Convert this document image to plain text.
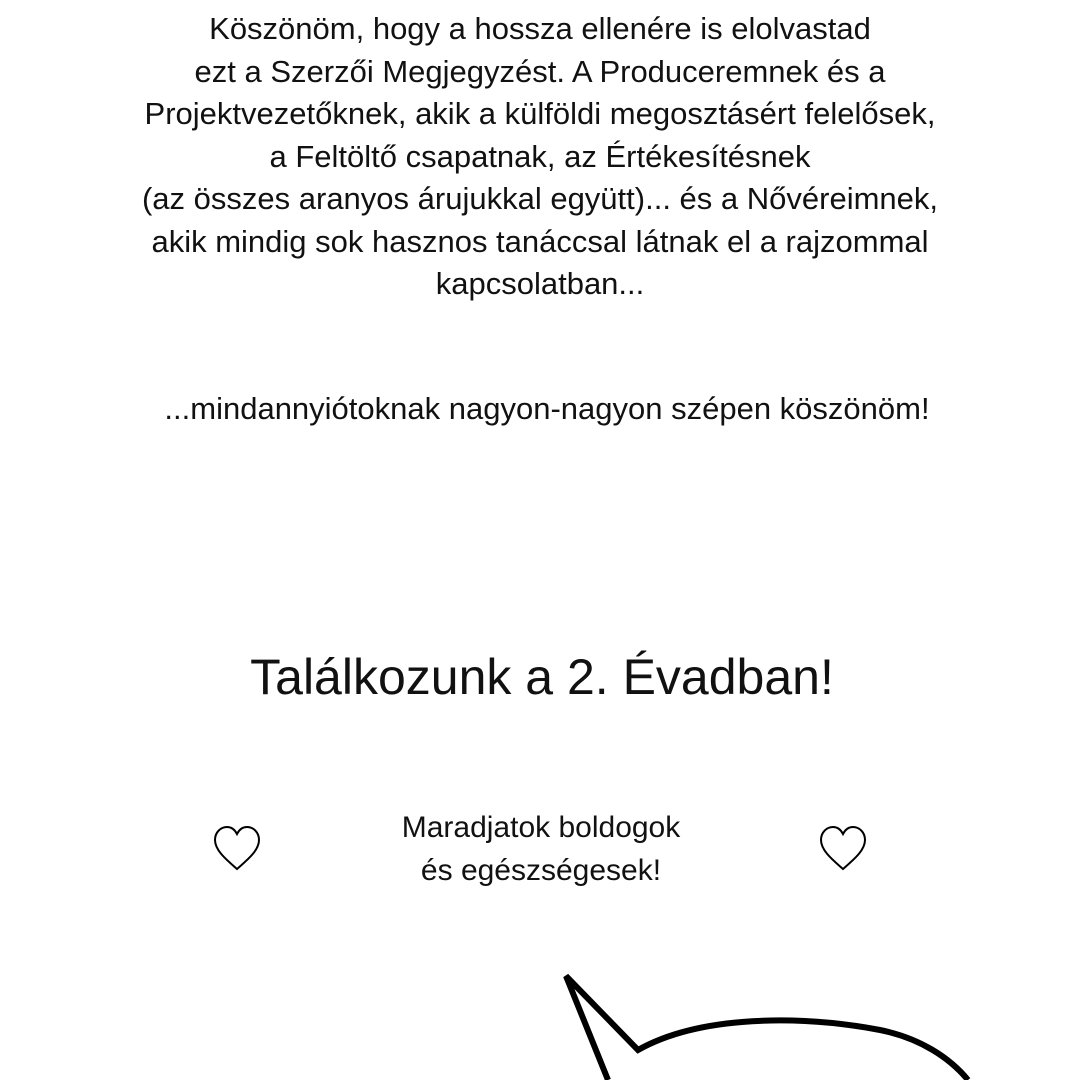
Köszönöm, hogy a hossza ellenére is elolvastad
ezt a Szerzői Megjegyzést. A Produceremnek és a
Projektvezetőknek, akik a külföldi megosztásért felelősek,
a Feltöltő csapatnak, az Értékesítésnek
(az összes aranyos árujukkal együtt)... és a Nővéreimnek,
akik mindig sok hasznos tanáccsal látnak el a rajzommal
kapcsolatban...
...mindannyiótoknak nagyon-nagyon szépen köszönöm!
Találkozunk a 2. Évadban!
Maradjatok boldogok
és egészségesek!
